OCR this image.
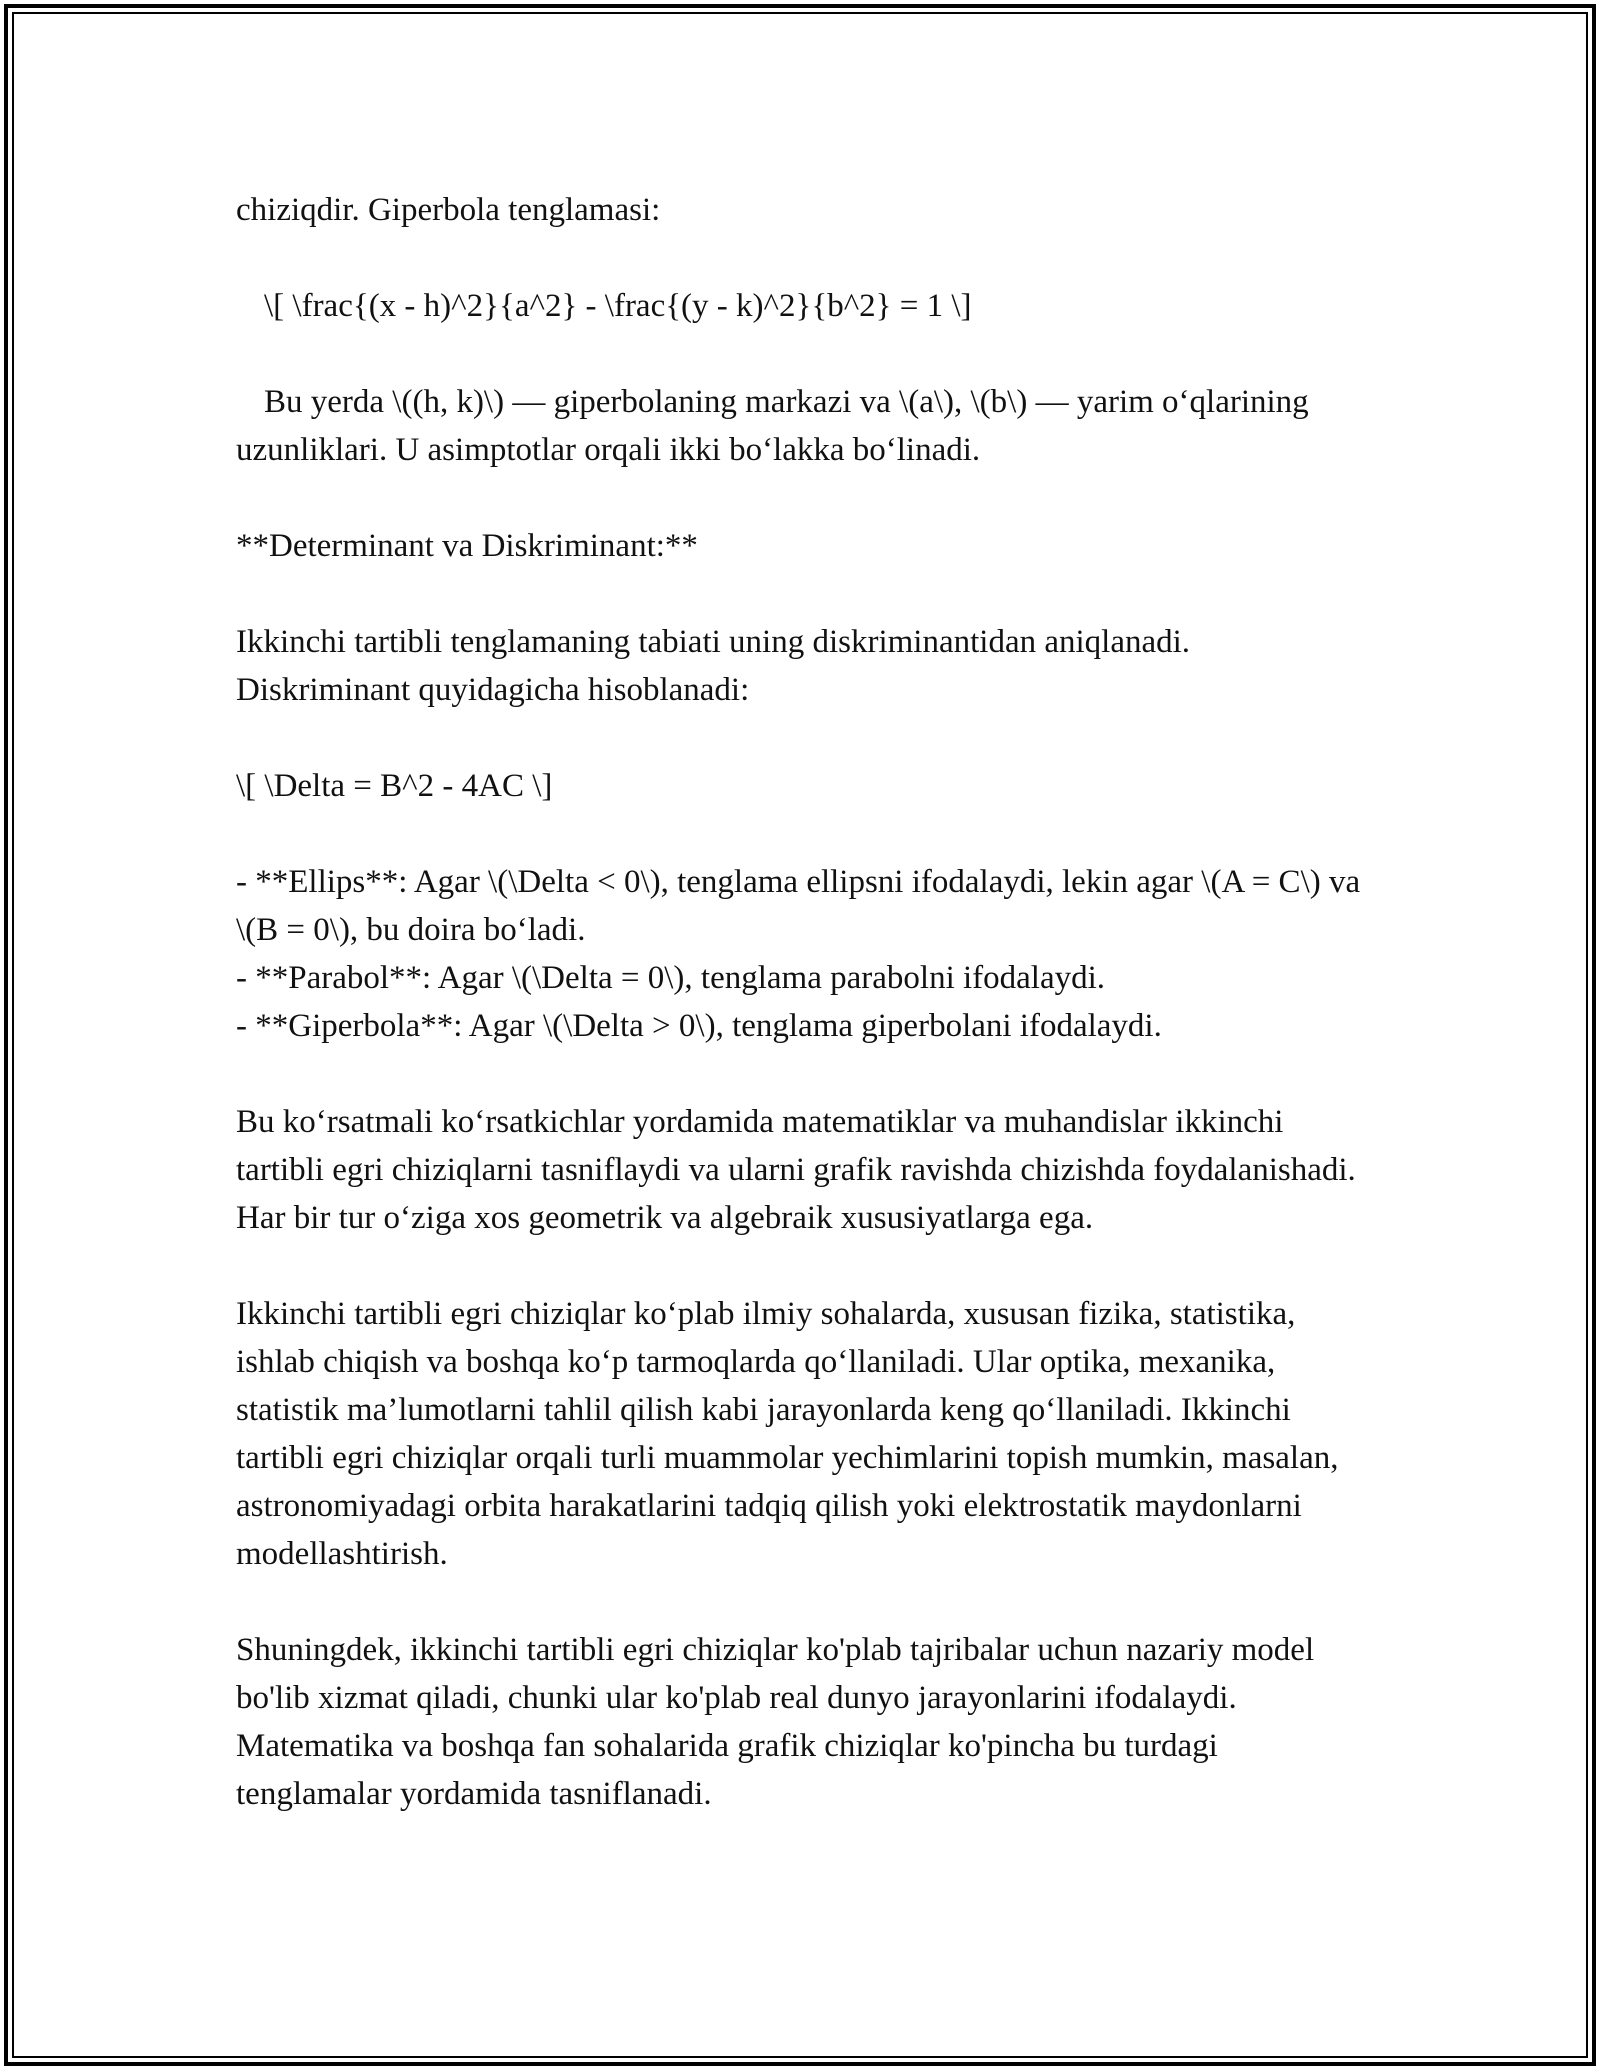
chiziqdir. Giperbola tenglamasi:

\[ \frac{(x - h)^2}{a^2} - \frac{(y - k)^2}{b^2} = 1 \]

Bu yerda \((h, k)\) — giperbolaning markazi va \(a\), \(b\) — yarim o‘qlarining uzunliklari. U asimptotlar orqali ikki bo‘lakka bo‘linadi.

**Determinant va Diskriminant:**

Ikkinchi tartibli tenglamaning tabiati uning diskriminantidan aniqlanadi. Diskriminant quyidagicha hisoblanadi:

\[ \Delta = B^2 - 4AC \]

- **Ellips**: Agar \(\Delta < 0\), tenglama ellipsni ifodalaydi, lekin agar \(A = C\) va \(B = 0\), bu doira bo‘ladi.

- **Parabol**: Agar \(\Delta = 0\), tenglama parabolni ifodalaydi.

- **Giperbola**: Agar \(\Delta > 0\), tenglama giperbolani ifodalaydi.

Bu ko‘rsatmali ko‘rsatkichlar yordamida matematiklar va muhandislar ikkinchi tartibli egri chiziqlarni tasniflaydi va ularni grafik ravishda chizishda foydalanishadi. Har bir tur o‘ziga xos geometrik va algebraik xususiyatlarga ega.

Ikkinchi tartibli egri chiziqlar ko‘plab ilmiy sohalarda, xususan fizika, statistika, ishlab chiqish va boshqa ko‘p tarmoqlarda qo‘llaniladi. Ular optika, mexanika, statistik ma’lumotlarni tahlil qilish kabi jarayonlarda keng qo‘llaniladi. Ikkinchi tartibli egri chiziqlar orqali turli muammolar yechimlarini topish mumkin, masalan, astronomiyadagi orbita harakatlarini tadqiq qilish yoki elektrostatik maydonlarni modellashtirish.

Shuningdek, ikkinchi tartibli egri chiziqlar ko'plab tajribalar uchun nazariy model bo'lib xizmat qiladi, chunki ular ko'plab real dunyo jarayonlarini ifodalaydi. Matematika va boshqa fan sohalarida grafik chiziqlar ko'pincha bu turdagi tenglamalar yordamida tasniflanadi.
